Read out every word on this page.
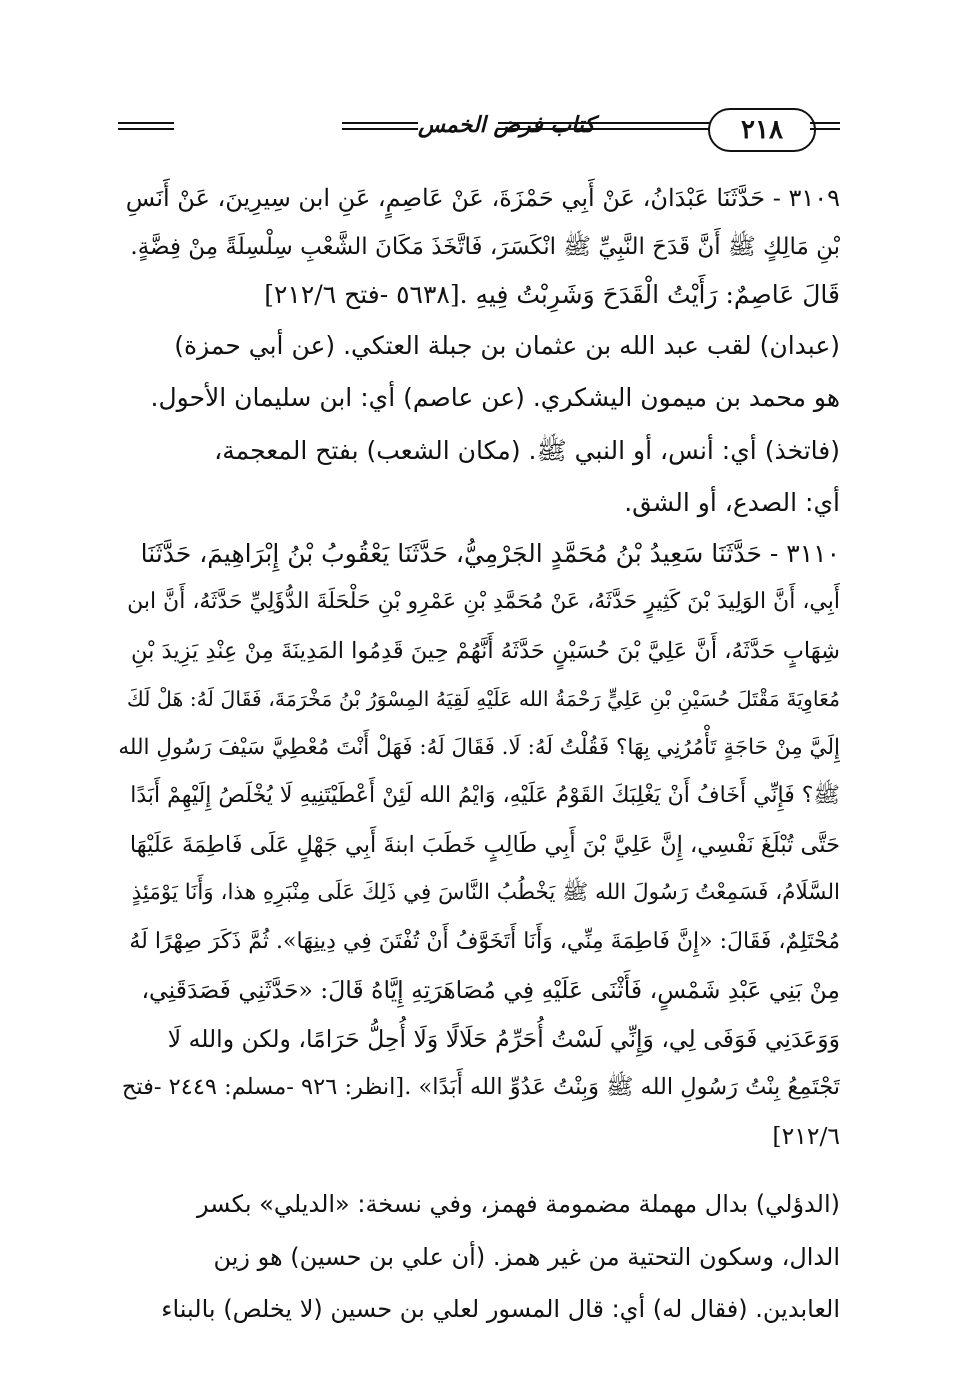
كتاب فرض الخمس	٢١٨
٣١٠٩ - حَدَّثَنَا عَبْدَانُ، عَنْ أَبِي حَمْزَةَ، عَنْ عَاصِمٍ، عَنِ ابن سِيرِينَ، عَنْ أَنَسِ
بْنِ مَالِكٍ ﷺ أَنَّ قَدَحَ النَّبِيِّ ﷺ انْكَسَرَ، فَاتَّخَذَ مَكَانَ الشَّعْبِ سِلْسِلَةً مِنْ فِضَّةٍ.
قَالَ عَاصِمٌ: رَأَيْتُ الْقَدَحَ وَشَرِبْتُ فِيهِ .[٥٦٣٨ -فتح ٢١٢/٦]
(عبدان) لقب عبد الله بن عثمان بن جبلة العتكي. (عن أبي حمزة)
هو محمد بن ميمون اليشكري. (عن عاصم) أي: ابن سليمان الأحول.
(فاتخذ) أي: أنس، أو النبي ﷺ. (مكان الشعب) بفتح المعجمة،
أي: الصدع، أو الشق.
٣١١٠ - حَدَّثَنَا سَعِيدُ بْنُ مُحَمَّدٍ الجَرْمِيُّ، حَدَّثَنَا يَعْقُوبُ بْنُ إِبْرَاهِيمَ، حَدَّثَنَا
أَبِي، أَنَّ الوَلِيدَ بْنَ كَثِيرٍ حَدَّثَهُ، عَنْ مُحَمَّدِ بْنِ عَمْرِو بْنِ حَلْحَلَةَ الدُّؤَلِيِّ حَدَّثَهُ، أَنَّ ابن
شِهَابٍ حَدَّثَهُ، أَنَّ عَلِيَّ بْنَ حُسَيْنٍ حَدَّثَهُ أَنَّهُمْ حِينَ قَدِمُوا المَدِينَةَ مِنْ عِنْدِ يَزِيدَ بْنِ
مُعَاوِيَةَ مَقْتَلَ حُسَيْنِ بْنِ عَلِيٍّ رَحْمَةُ الله عَلَيْهِ لَقِيَهُ المِسْوَرُ بْنُ مَخْرَمَةَ، فَقَالَ لَهُ: هَلْ لَكَ
إِلَيَّ مِنْ حَاجَةٍ تَأْمُرُنِي بِهَا؟ فَقُلْتُ لَهُ: لَا. فَقَالَ لَهُ: فَهَلْ أَنْتَ مُعْطِيَّ سَيْفَ رَسُولِ الله
ﷺ؟ فَإِنِّي أَخَافُ أَنْ يَغْلِبَكَ القَوْمُ عَلَيْهِ، وَايْمُ الله لَئِنْ أَعْطَيْتَنِيهِ لَا يُخْلَصُ إِلَيْهِمْ أَبَدًا
حَتَّى تُبْلَغَ نَفْسِي، إِنَّ عَلِيَّ بْنَ أَبِي طَالِبٍ خَطَبَ ابنةَ أَبِي جَهْلٍ عَلَى فَاطِمَةَ عَلَيْهَا
السَّلَامُ، فَسَمِعْتُ رَسُولَ الله ﷺ يَخْطُبُ النَّاسَ فِي ذَلِكَ عَلَى مِنْبَرِهِ هذا، وَأَنَا يَوْمَئِذٍ
مُحْتَلِمٌ، فَقَالَ: «إِنَّ فَاطِمَةَ مِنِّي، وَأَنَا أَتَخَوَّفُ أَنْ تُفْتَنَ فِي دِينِهَا». ثُمَّ ذَكَرَ صِهْرًا لَهُ
مِنْ بَنِي عَبْدِ شَمْسٍ، فَأَثْنَى عَلَيْهِ فِي مُصَاهَرَتِهِ إِيَّاهُ قَالَ: «حَدَّثَنِي فَصَدَقَنِي،
وَوَعَدَنِي فَوَفَى لِي، وَإِنِّي لَسْتُ أُحَرِّمُ حَلَالًا وَلَا أُحِلُّ حَرَامًا، ولكن والله لَا
تَجْتَمِعُ بِنْتُ رَسُولِ الله ﷺ وَبِنْتُ عَدُوِّ الله أَبَدًا» .[انظر: ٩٢٦ -مسلم: ٢٤٤٩ -فتح
٢١٢/٦]
(الدؤلي) بدال مهملة مضمومة فهمز، وفي نسخة: «الديلي» بكسر
الدال، وسكون التحتية من غير همز. (أن علي بن حسين) هو زين
العابدين. (فقال له) أي: قال المسور لعلي بن حسين (لا يخلص) بالبناء
